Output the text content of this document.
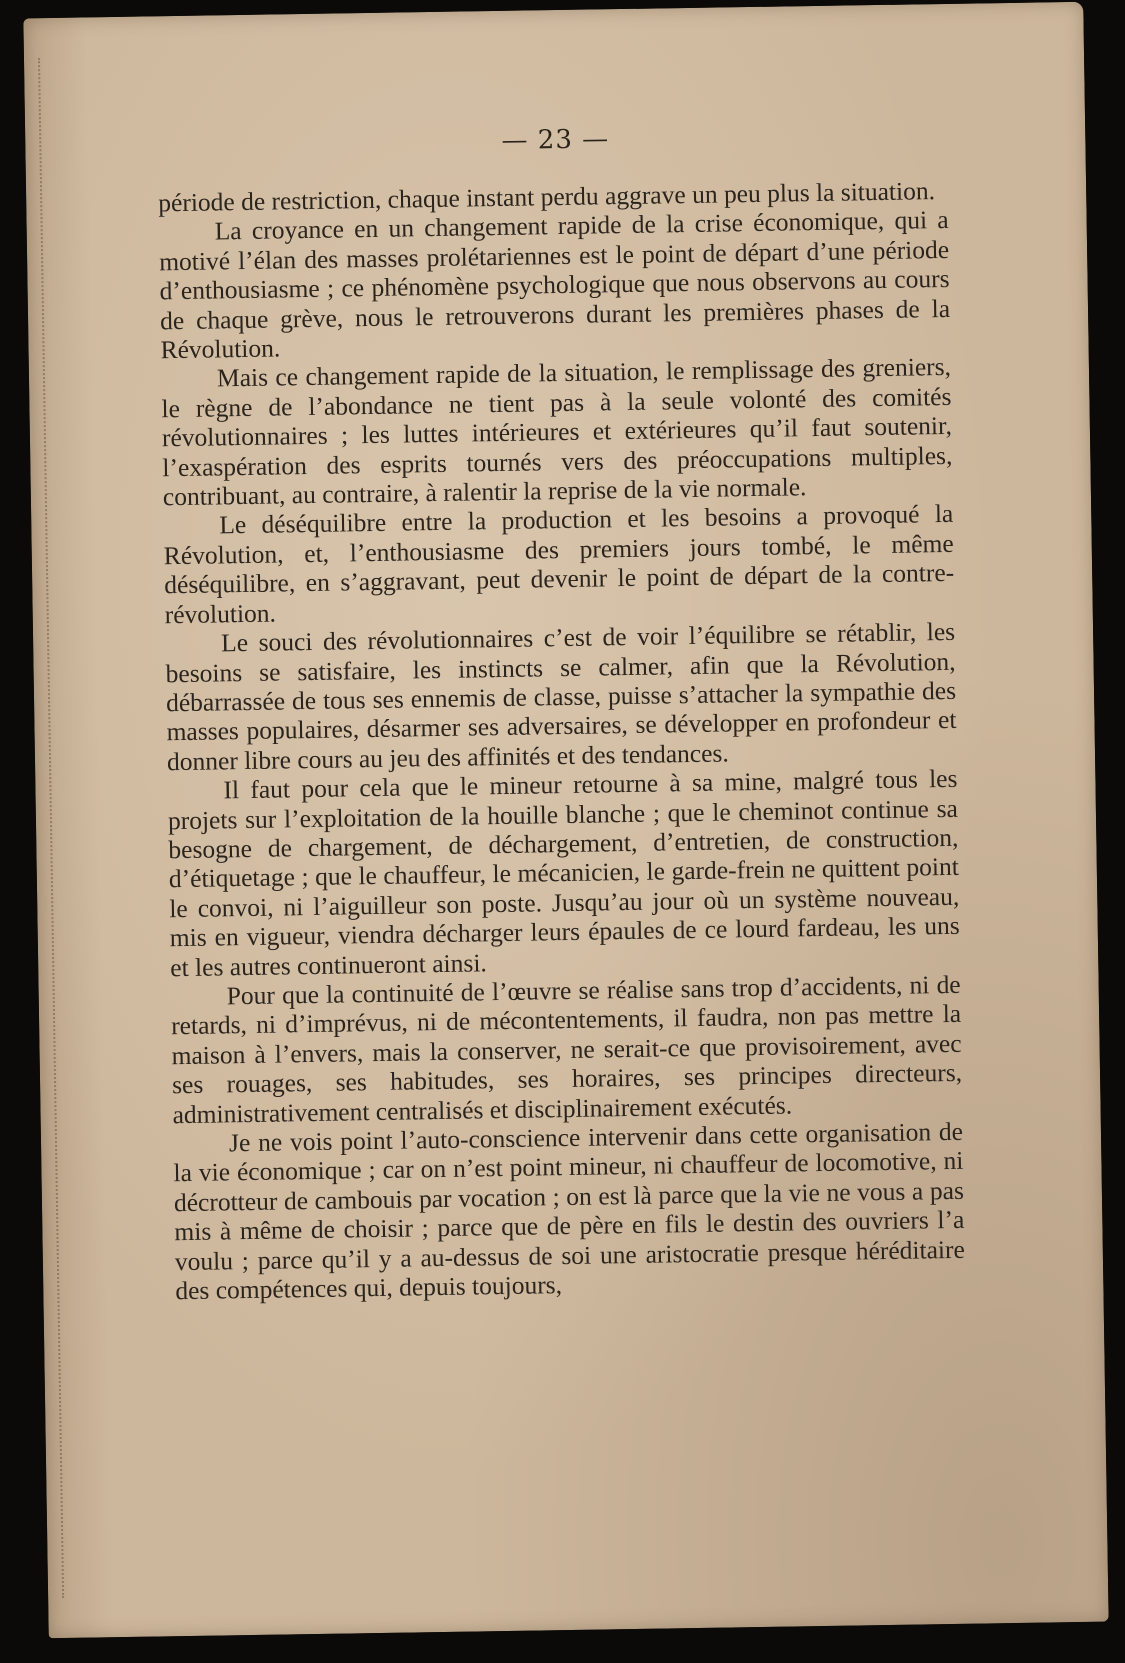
— 23 —

période de restriction, chaque instant perdu aggrave un peu plus la situation.

La croyance en un changement rapide de la crise économique, qui a motivé l’élan des masses prolétariennes est le point de départ d’une période d’enthousiasme ; ce phénomène psychologique que nous observons au cours de chaque grève, nous le retrouverons durant les premières phases de la Révolution.

Mais ce changement rapide de la situation, le remplissage des greniers, le règne de l’abondance ne tient pas à la seule volonté des comités révolutionnaires ; les luttes intérieures et extérieures qu’il faut soutenir, l’exaspération des esprits tournés vers des préoccupations multiples, contribuant, au contraire, à ralentir la reprise de la vie normale.

Le déséquilibre entre la production et les besoins a provoqué la Révolution, et, l’enthousiasme des premiers jours tombé, le même déséquilibre, en s’aggravant, peut devenir le point de départ de la contre-révolution.

Le souci des révolutionnaires c’est de voir l’équilibre se rétablir, les besoins se satisfaire, les instincts se calmer, afin que la Révolution, débarrassée de tous ses ennemis de classe, puisse s’attacher la sympathie des masses populaires, désarmer ses adversaires, se développer en profondeur et donner libre cours au jeu des affinités et des tendances.

Il faut pour cela que le mineur retourne à sa mine, malgré tous les projets sur l’exploitation de la houille blanche ; que le cheminot continue sa besogne de chargement, de déchargement, d’entretien, de construction, d’étiquetage ; que le chauffeur, le mécanicien, le garde-frein ne quittent point le convoi, ni l’aiguilleur son poste. Jusqu’au jour où un système nouveau, mis en vigueur, viendra décharger leurs épaules de ce lourd fardeau, les uns et les autres continueront ainsi.

Pour que la continuité de l’œuvre se réalise sans trop d’accidents, ni de retards, ni d’imprévus, ni de mécontentements, il faudra, non pas mettre la maison à l’envers, mais la conserver, ne serait-ce que provisoirement, avec ses rouages, ses habitudes, ses horaires, ses principes directeurs, administrativement centralisés et disciplinairement exécutés.

Je ne vois point l’auto-conscience intervenir dans cette organisation de la vie économique ; car on n’est point mineur, ni chauffeur de locomotive, ni décrotteur de cambouis par vocation ; on est là parce que la vie ne vous a pas mis à même de choisir ; parce que de père en fils le destin des ouvriers l’a voulu ; parce qu’il y a au-dessus de soi une aristocratie presque héréditaire des compétences qui, depuis toujours,
